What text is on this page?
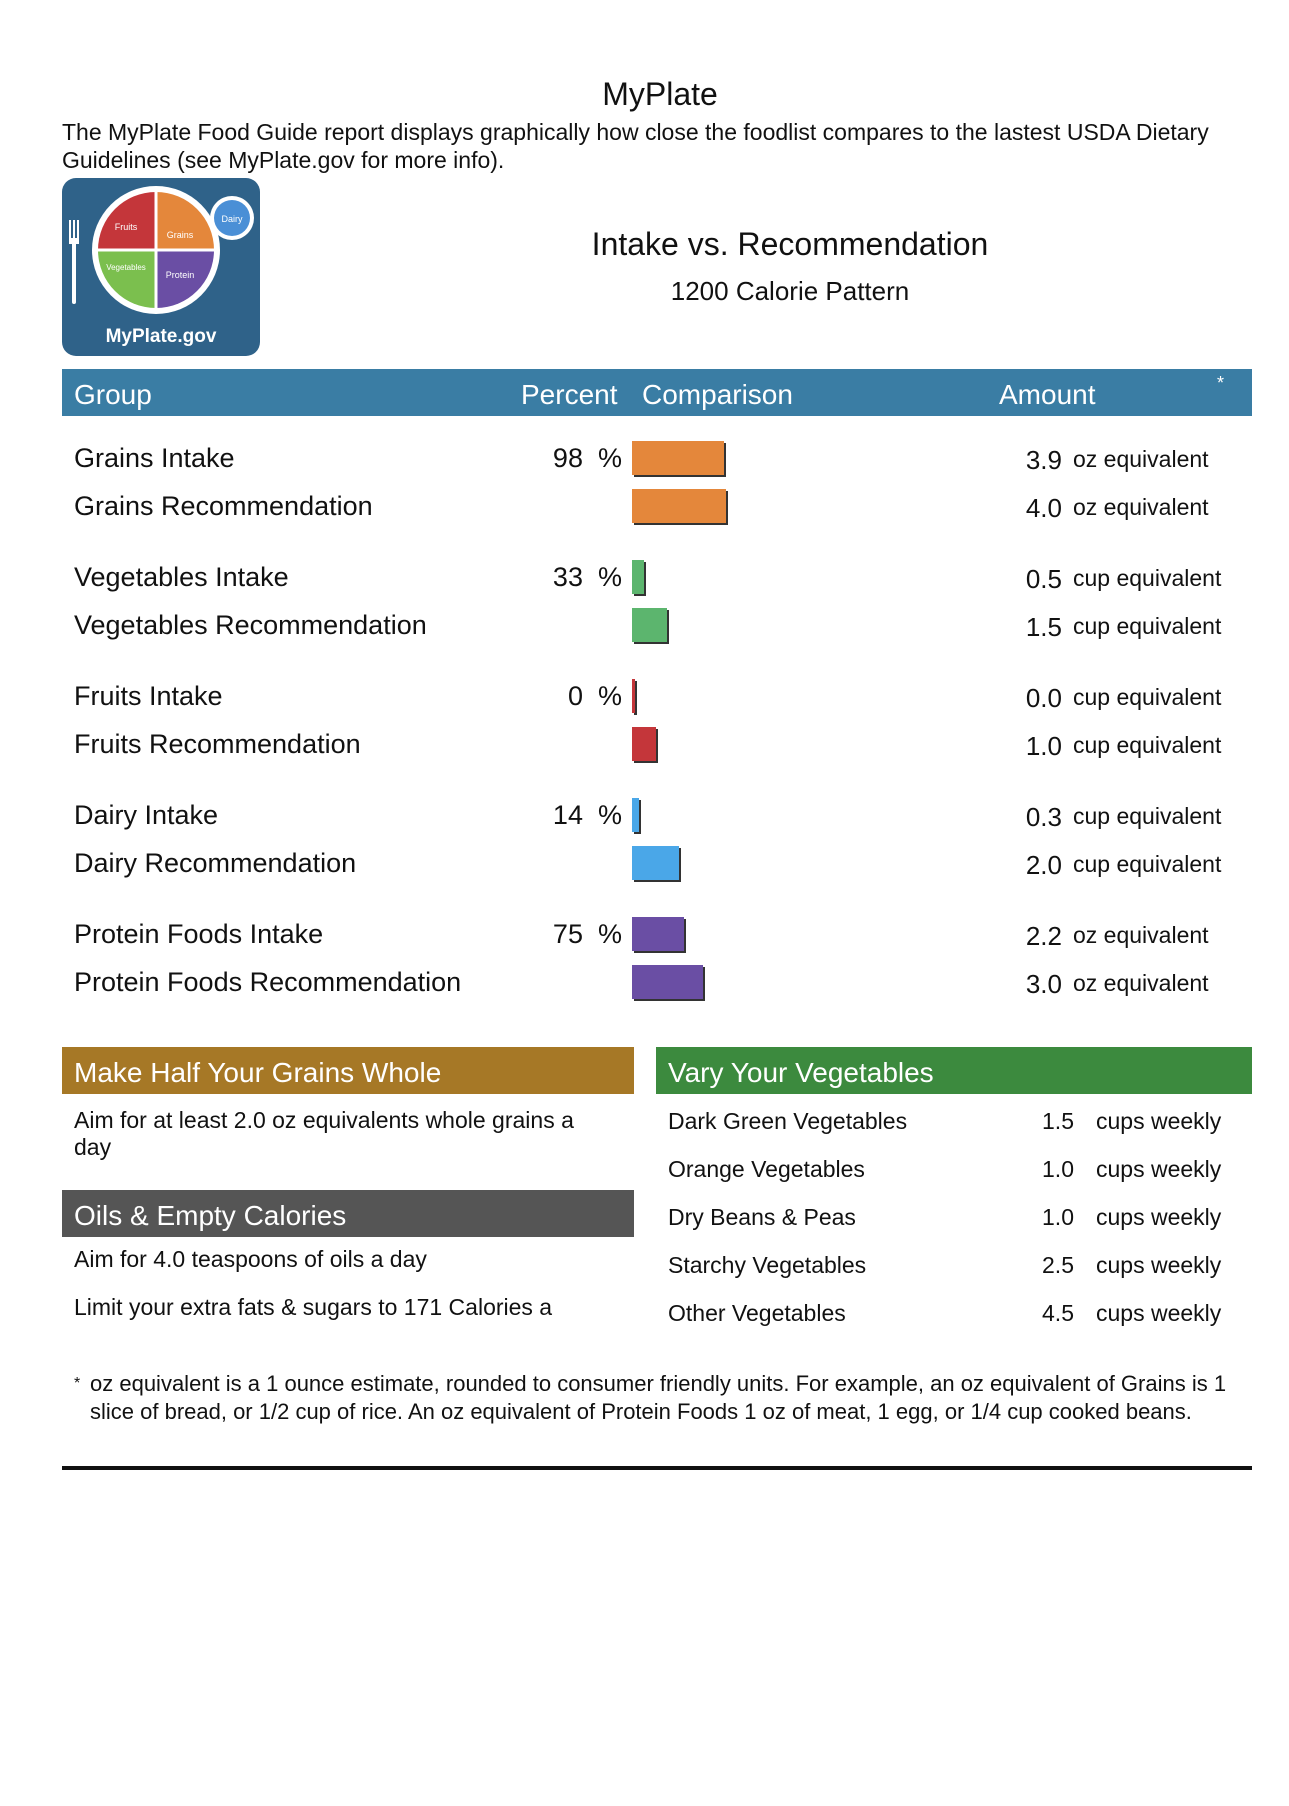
MyPlate
The MyPlate Food Guide report displays graphically how close the foodlist compares to the lastest USDA Dietary Guidelines (see MyPlate.gov for more info).
Fruits
Grains
Vegetables
Protein
Dairy
MyPlate.gov
Intake vs. Recommendation
1200 Calorie Pattern
Group	Percent Comparison	Amount	*
Grains Intake	98 %	3.9 oz equivalent
Grains Recommendation	4.0 oz equivalent
Vegetables Intake	33 %	0.5 cup equivalent
Vegetables Recommendation	1.5 cup equivalent
Fruits Intake	0 %	0.0 cup equivalent
Fruits Recommendation	1.0 cup equivalent
Dairy Intake	14 %	0.3 cup equivalent
Dairy Recommendation	2.0 cup equivalent
Protein Foods Intake	75 %	2.2 oz equivalent
Protein Foods Recommendation	3.0 oz equivalent
Make Half Your Grains Whole
Aim for at least 2.0 oz equivalents whole grains a day
Oils & Empty Calories
Aim for 4.0 teaspoons of oils a day
Limit your extra fats & sugars to 171 Calories a
Vary Your Vegetables
Dark Green Vegetables	1.5 cups weekly
Orange Vegetables	1.0 cups weekly
Dry Beans & Peas	1.0 cups weekly
Starchy Vegetables	2.5 cups weekly
Other Vegetables	4.5 cups weekly
* oz equivalent is a 1 ounce estimate, rounded to consumer friendly units. For example, an oz equivalent of Grains is 1 slice of bread, or 1/2 cup of rice. An oz equivalent of Protein Foods 1 oz of meat, 1 egg, or 1/4 cup cooked beans.
